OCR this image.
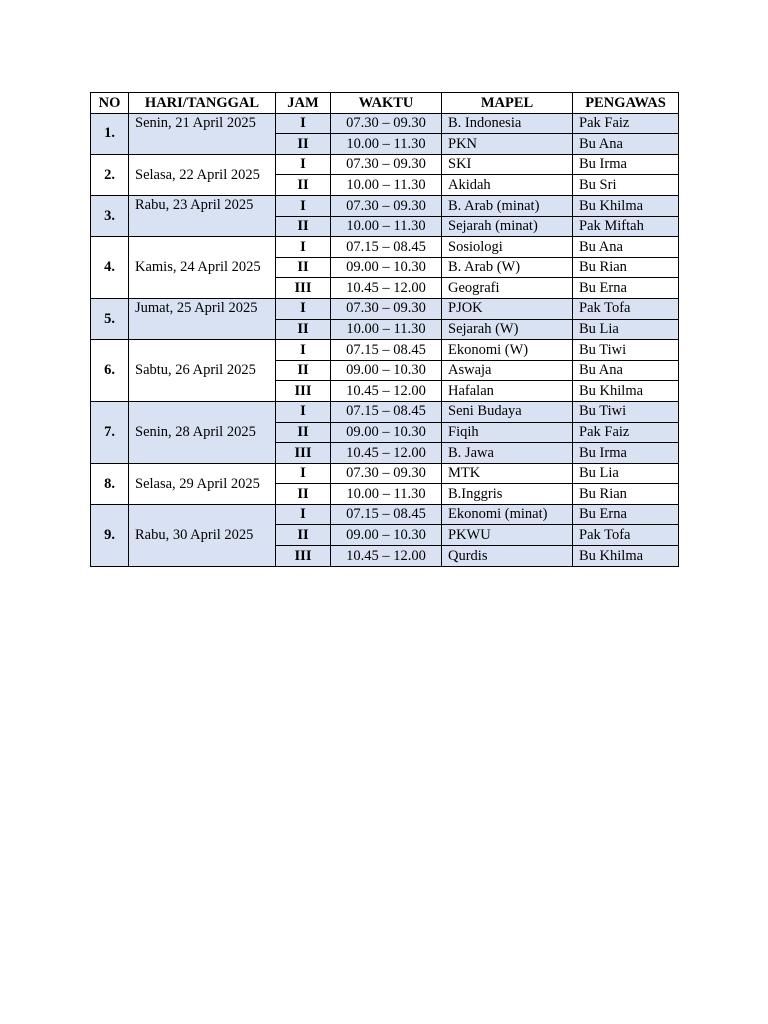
NO	HARI/TANGGAL	JAM	WAKTU	MAPEL	PENGAWAS
1.	Senin, 21 April 2025	I	07.30 – 09.30	B. Indonesia	Pak Faiz
		II	10.00 – 11.30	PKN	Bu Ana
2.	Selasa, 22 April 2025	I	07.30 – 09.30	SKI	Bu Irma
		II	10.00 – 11.30	Akidah	Bu Sri
3.	Rabu, 23 April 2025	I	07.30 – 09.30	B. Arab (minat)	Bu Khilma
		II	10.00 – 11.30	Sejarah (minat)	Pak Miftah
4.	Kamis, 24 April 2025	I	07.15 – 08.45	Sosiologi	Bu Ana
		II	09.00 – 10.30	B. Arab (W)	Bu Rian
		III	10.45 – 12.00	Geografi	Bu Erna
5.	Jumat, 25 April 2025	I	07.30 – 09.30	PJOK	Pak Tofa
		II	10.00 – 11.30	Sejarah (W)	Bu Lia
6.	Sabtu, 26 April 2025	I	07.15 – 08.45	Ekonomi (W)	Bu Tiwi
		II	09.00 – 10.30	Aswaja	Bu Ana
		III	10.45 – 12.00	Hafalan	Bu Khilma
7.	Senin, 28 April 2025	I	07.15 – 08.45	Seni Budaya	Bu Tiwi
		II	09.00 – 10.30	Fiqih	Pak Faiz
		III	10.45 – 12.00	B. Jawa	Bu Irma
8.	Selasa, 29 April 2025	I	07.30 – 09.30	MTK	Bu Lia
		II	10.00 – 11.30	B.Inggris	Bu Rian
9.	Rabu, 30 April 2025	I	07.15 – 08.45	Ekonomi (minat)	Bu Erna
		II	09.00 – 10.30	PKWU	Pak Tofa
		III	10.45 – 12.00	Qurdis	Bu Khilma
